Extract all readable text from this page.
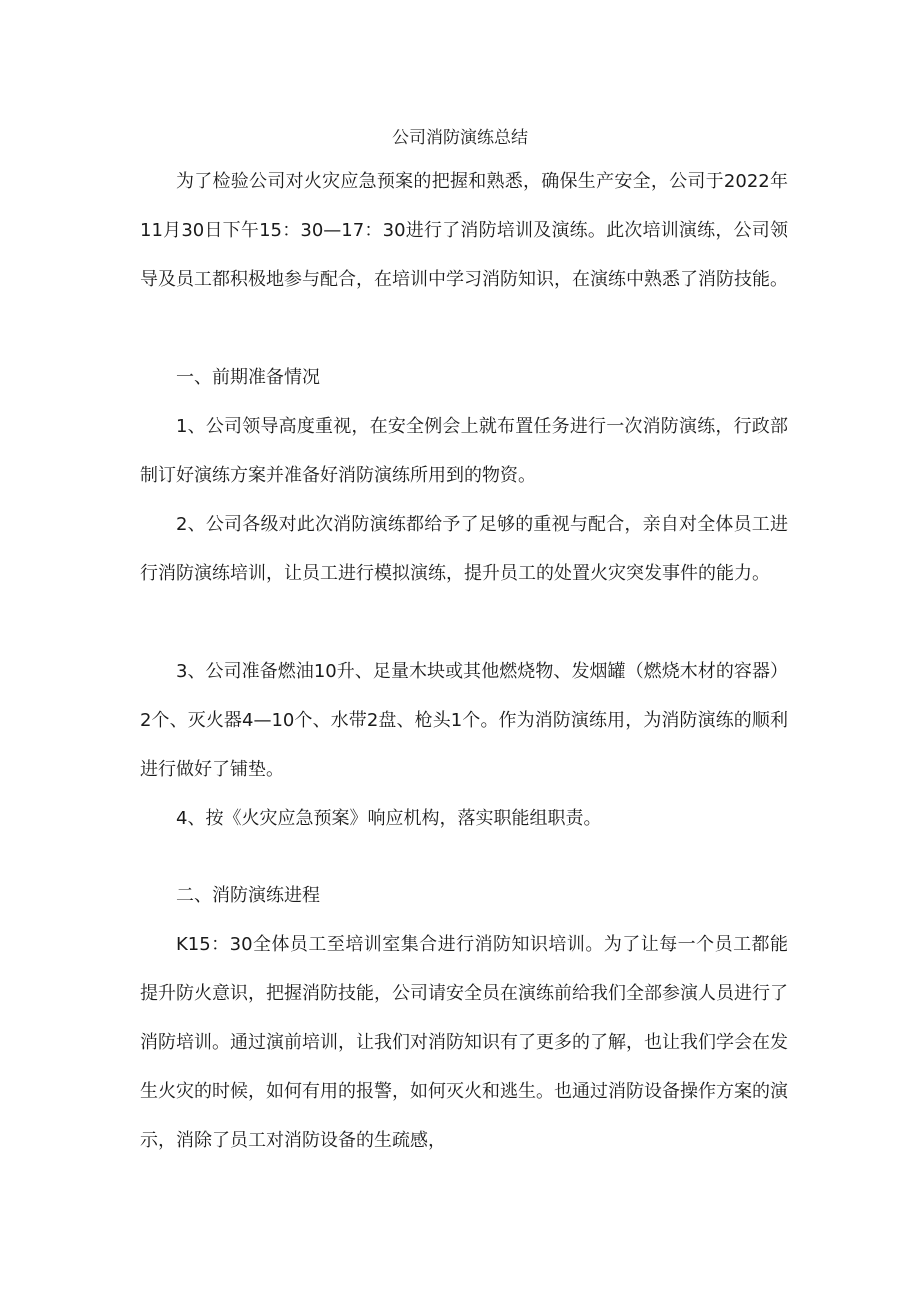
公司消防演练总结

为了检验公司对火灾应急预案的把握和熟悉，确保生产安全，公司于2022年11月30日下午15：30—17：30进行了消防培训及演练。此次培训演练，公司领导及员工都积极地参与配合，在培训中学习消防知识，在演练中熟悉了消防技能。

一、前期准备情况

1、公司领导高度重视，在安全例会上就布置任务进行一次消防演练，行政部制订好演练方案并准备好消防演练所用到的物资。

2、公司各级对此次消防演练都给予了足够的重视与配合，亲自对全体员工进行消防演练培训，让员工进行模拟演练，提升员工的处置火灾突发事件的能力。

3、公司准备燃油10升、足量木块或其他燃烧物、发烟罐（燃烧木材的容器）2个、灭火器4—10个、水带2盘、枪头1个。作为消防演练用，为消防演练的顺利进行做好了铺垫。

4、按《火灾应急预案》响应机构，落实职能组职责。

二、消防演练进程

K15：30全体员工至培训室集合进行消防知识培训。为了让每一个员工都能提升防火意识，把握消防技能，公司请安全员在演练前给我们全部参演人员进行了消防培训。通过演前培训，让我们对消防知识有了更多的了解，也让我们学会在发生火灾的时候，如何有用的报警，如何灭火和逃生。也通过消防设备操作方案的演示，消除了员工对消防设备的生疏感，
